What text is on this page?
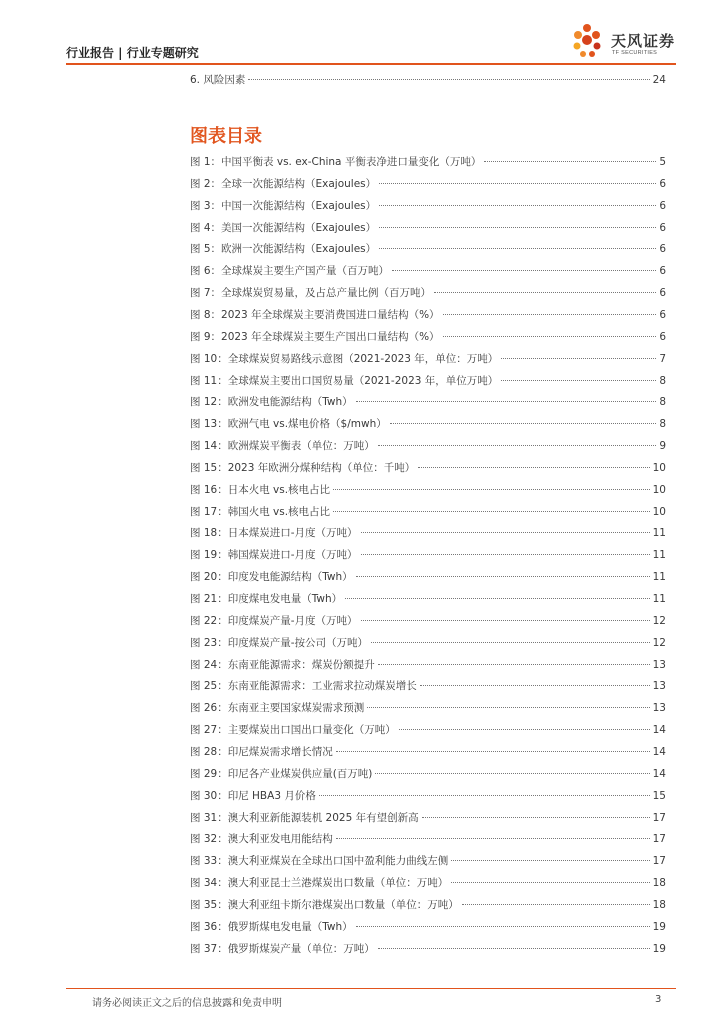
行业报告 | 行业专题研究
天风证券
TF SECURITIES
6. 风险因素	24
图表目录
图 1：中国平衡表 vs. ex-China 平衡表净进口量变化（万吨）	5
图 2：全球一次能源结构（Exajoules）	6
图 3：中国一次能源结构（Exajoules）	6
图 4：美国一次能源结构（Exajoules）	6
图 5：欧洲一次能源结构（Exajoules）	6
图 6：全球煤炭主要生产国产量（百万吨）	6
图 7：全球煤炭贸易量，及占总产量比例（百万吨）	6
图 8：2023 年全球煤炭主要消费国进口量结构（%）	6
图 9：2023 年全球煤炭主要生产国出口量结构（%）	6
图 10：全球煤炭贸易路线示意图（2021-2023 年，单位：万吨）	7
图 11：全球煤炭主要出口国贸易量（2021-2023 年，单位万吨）	8
图 12：欧洲发电能源结构（Twh）	8
图 13：欧洲气电 vs.煤电价格（$/mwh）	8
图 14：欧洲煤炭平衡表（单位：万吨）	9
图 15：2023 年欧洲分煤种结构（单位：千吨）	10
图 16：日本火电 vs.核电占比	10
图 17：韩国火电 vs.核电占比	10
图 18：日本煤炭进口-月度（万吨）	11
图 19：韩国煤炭进口-月度（万吨）	11
图 20：印度发电能源结构（Twh）	11
图 21：印度煤电发电量（Twh）	11
图 22：印度煤炭产量-月度（万吨）	12
图 23：印度煤炭产量-按公司（万吨）	12
图 24：东南亚能源需求：煤炭份额提升	13
图 25：东南亚能源需求：工业需求拉动煤炭增长	13
图 26：东南亚主要国家煤炭需求预测	13
图 27：主要煤炭出口国出口量变化（万吨）	14
图 28：印尼煤炭需求增长情况	14
图 29：印尼各产业煤炭供应量(百万吨)	14
图 30：印尼 HBA3 月价格	15
图 31：澳大利亚新能源装机 2025 年有望创新高	17
图 32：澳大利亚发电用能结构	17
图 33：澳大利亚煤炭在全球出口国中盈利能力曲线左侧	17
图 34：澳大利亚昆士兰港煤炭出口数量（单位：万吨）	18
图 35：澳大利亚纽卡斯尔港煤炭出口数量（单位：万吨）	18
图 36：俄罗斯煤电发电量（Twh）	19
图 37：俄罗斯煤炭产量（单位：万吨）	19
请务必阅读正文之后的信息披露和免责申明	3
